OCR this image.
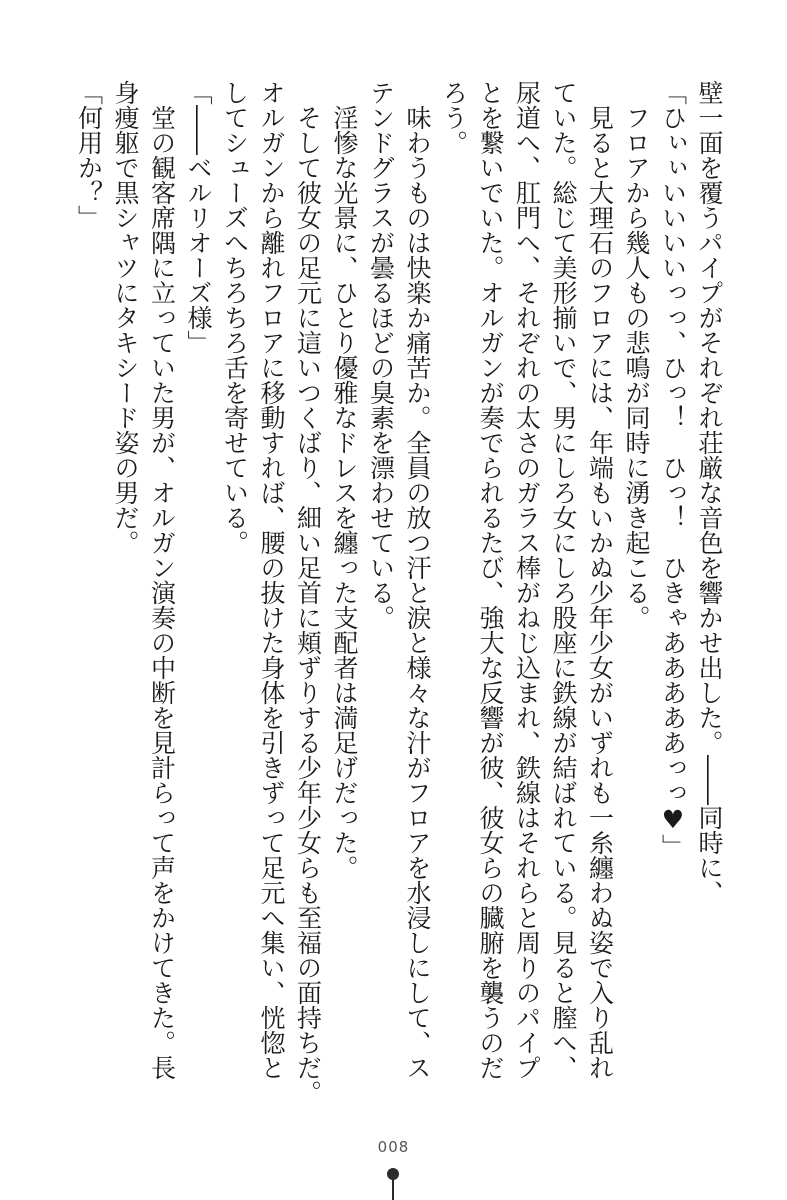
壁一面を覆うパイプがそれぞれ荘厳な音色を響かせ出した。――同時に、
「ひぃぃいいいいっっ、ひっ！　ひっ！　ひきゃあああああっっ♥」
　フロアから幾人もの悲鳴が同時に湧き起こる。
　見ると大理石のフロアには、年端もいかぬ少年少女がいずれも一糸纏わぬ姿で入り乱れ
ていた。総じて美形揃いで、男にしろ女にしろ股座に鉄線が結ばれている。見ると膣へ、
尿道へ、肛門へ、それぞれの太さのガラス棒がねじ込まれ、鉄線はそれらと周りのパイプ
とを繋いでいた。オルガンが奏でられるたび、強大な反響が彼、彼女らの臓腑を襲うのだ
ろう。
　味わうものは快楽か痛苦か。全員の放つ汗と涙と様々な汁がフロアを水浸しにして、ス
テンドグラスが曇るほどの臭素を漂わせている。
　淫惨な光景に、ひとり優雅なドレスを纏った支配者は満足げだった。
　そして彼女の足元に這いつくばり、細い足首に頬ずりする少年少女らも至福の面持ちだ。
オルガンから離れフロアに移動すれば、腰の抜けた身体を引きずって足元へ集い、恍惚と
してシューズへちろちろ舌を寄せている。
「――ベルリオーズ様」
　堂の観客席隅に立っていた男が、オルガン演奏の中断を見計らって声をかけてきた。長
身痩躯で黒シャツにタキシード姿の男だ。
「何用か？」
008
